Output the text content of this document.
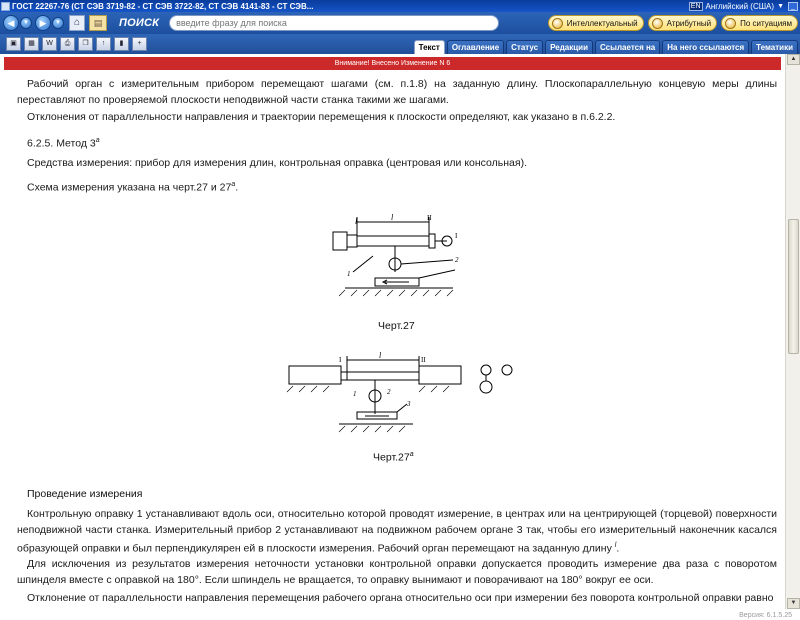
ГОСТ 22267-76 (СТ СЭВ 3719-82 - СТ СЭВ 3722-82, СТ СЭВ 4141-83 - СТ СЭВ...	EN Английский (США) ▼	_
◀	▾	▶	▾	⌂	▤	ПОИСК
введите фразу для поиска	Интеллектуальный	Атрибутный	По ситуациям
▣	▦	W	⎙	❐	↑	▮	+	Текст	Оглавление	Статус	Редакции	Ссылается на	На него ссылаются	Тематики
Внимание! Внесено Изменение N 6
Рабочий орган с измерительным прибором перемещают шагами (см. п.1.8) на заданную длину. Плоскопараллельную концевую меры длины переставляют по проверяемой плоскости неподвижной части станка такими же шагами.
Отклонения от параллельности направления и траектории перемещения к плоскости определяют, как указано в п.6.2.2.
6.2.5. Метод $3^а$
Средства измерения: прибор для измерения длин, контрольная оправка (центровая или консольная).
Схема измерения указана на черт.27 и $27^а$.
l	l	II
I
2
1
Черт.27
I	l	II
1	2
3
$Черт.27^а$
Проведение измерения
Контрольную оправку 1 устанавливают вдоль оси, относительно которой проводят измерение, в центрах или на центрирующей (торцевой) поверхности неподвижной части станка. Измерительный прибор 2 устанавливают на подвижном рабочем органе 3 так, чтобы его измерительный наконечник касался образующей оправки и был перпендикулярен ей в плоскости измерения. Рабочий орган перемещают на заданную длину $^l$.
Для исключения из результатов измерения неточности установки контрольной оправки допускается проводить измерение два раза с поворотом шпинделя вместе с оправкой на 180°. Если шпиндель не вращается, то оправку вынимают и поворачивают на 180° вокруг ее оси.
Отклонение от параллельности направления перемещения рабочего органа относительно оси при измерении без поворота контрольной оправки равно
▲
▼
Версия: 6.1.5.25
